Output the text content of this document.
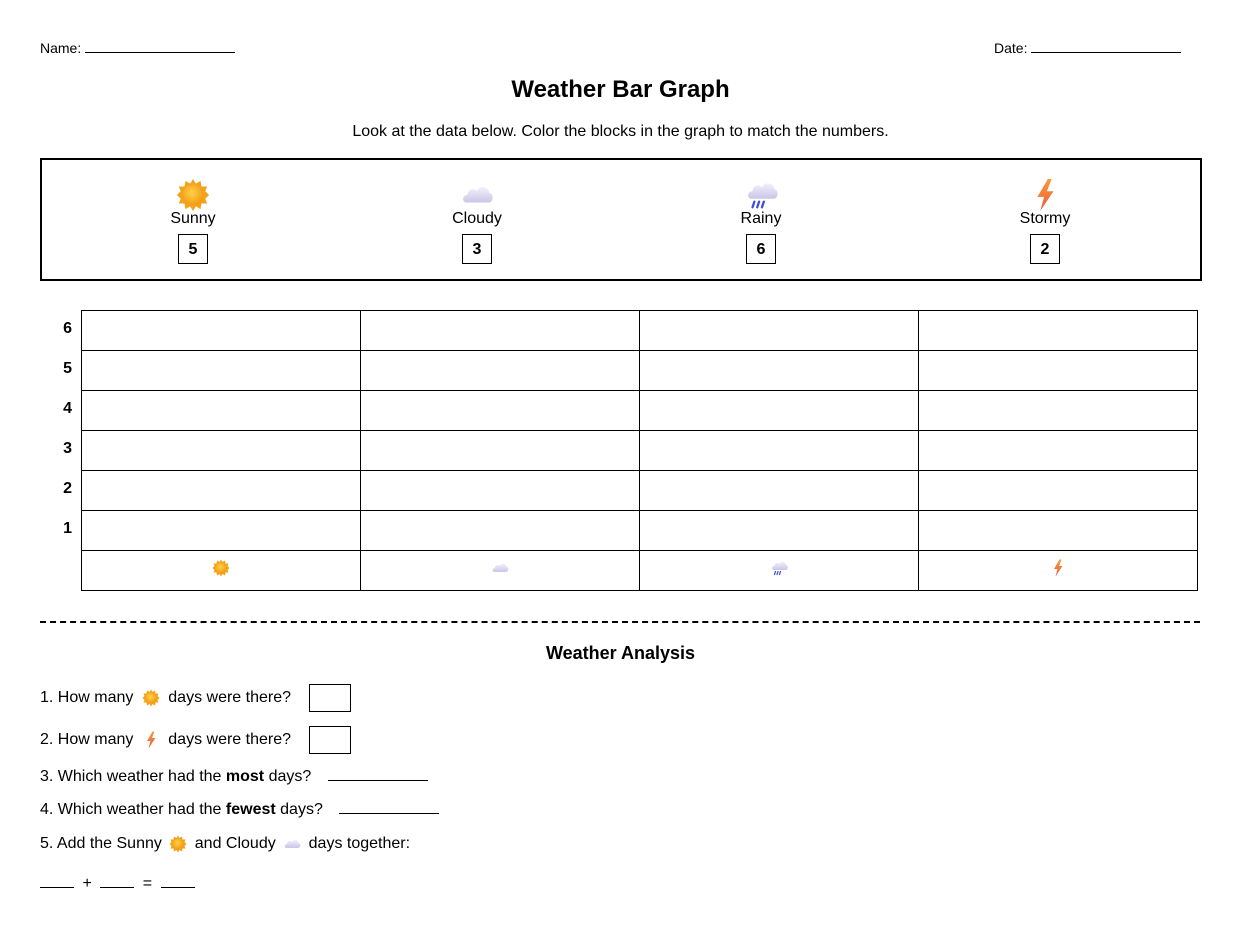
Name:	Date:
Weather Bar Graph
Look at the data below. Color the blocks in the graph to match the numbers.
Sunny
5
Cloudy
3
Rainy
6
Stormy
2
6
5
4
3
2
1

Weather Analysis
1. How many days were there?
2. How many days were there?
3. Which weather had the most days?
4. Which weather had the fewest days?
5. Add the Sunny and Cloudy days together:
+	=
